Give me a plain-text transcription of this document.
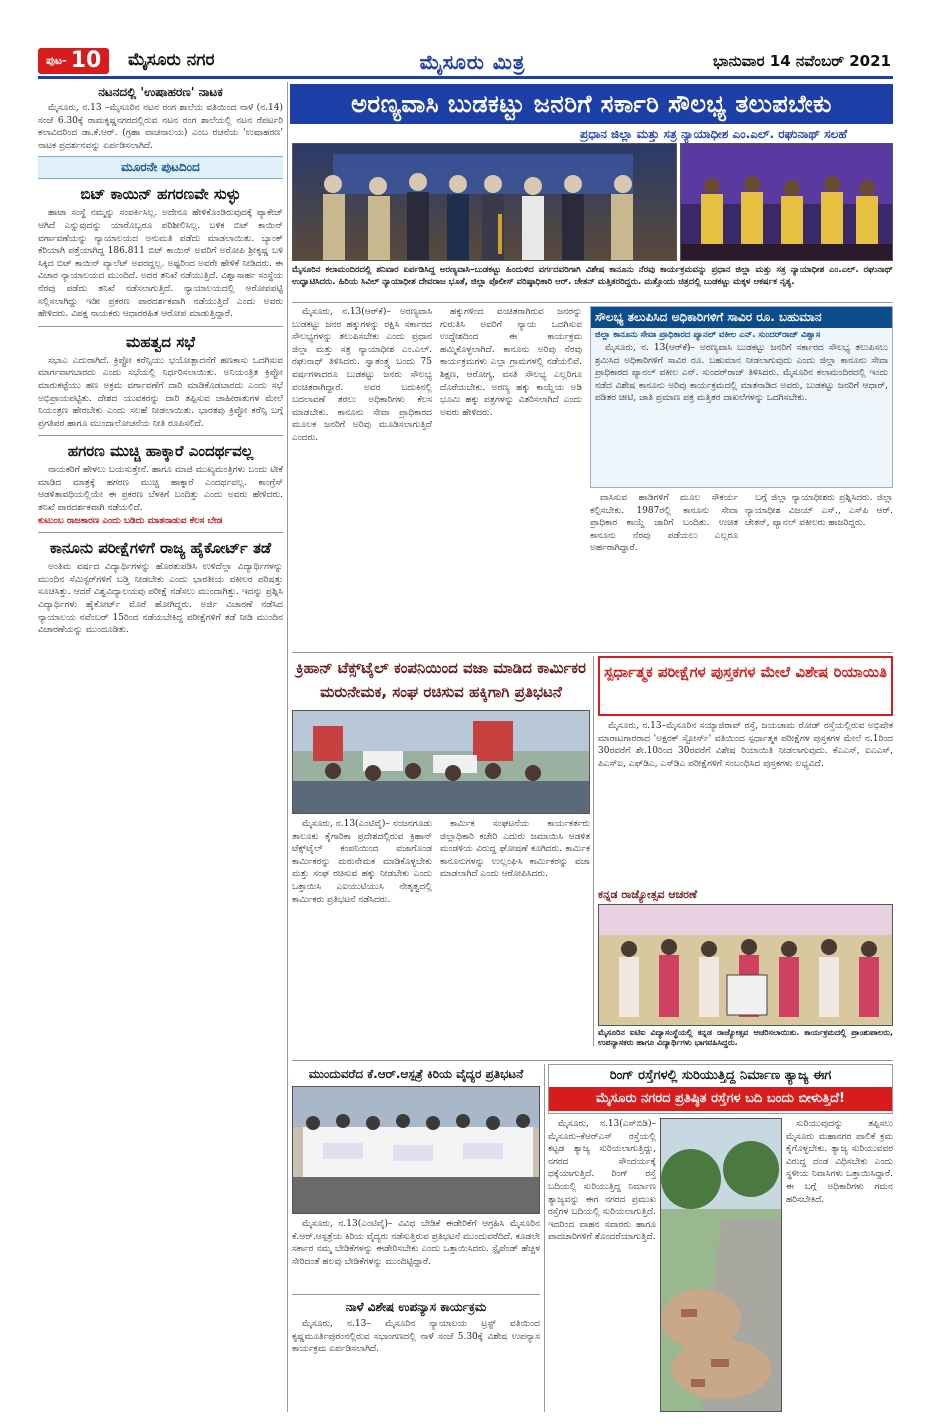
ಪುಟ- 10 ಮೈಸೂರು ನಗರ	ಮೈಸೂರು ಮಿತ್ರ	ಭಾನುವಾರ 14 ನವೆಂಬರ್ 2021
ನಟನದಲ್ಲಿ 'ಉಷಾಹರಣ' ನಾಟಕ

ಮೈಸೂರು, ನ.13 –ಮೈಸೂರಿನ ನಟನ ರಂಗ ಶಾಲೆಯ ವತಿಯಿಂದ ನಾಳೆ (ನ.14) ಸಂಜೆ 6.30ಕ್ಕೆ ರಾಮಕೃಷ್ಣನಗರದಲ್ಲಿರುವ ನಟನ ರಂಗ ಶಾಲೆಯಲ್ಲಿ ನಟನ ರೆಪರ್ಟರಿ ಕಲಾವಿದರಿಂದ ಡಾ.ಕೆ.ಆರ್. (ಗ್ರಹಾ ವಾಚನಾಲಯ) ಎಂಬ ರಚನೆಯ 'ಉಷಾಹರಣ' ನಾಟಕ ಪ್ರದರ್ಶನವನ್ನು ಏರ್ಪಡಿಸಲಾಗಿದೆ.

ಮೂರನೇ ಪುಟದಿಂದ
ಬಿಟ್ ಕಾಯಿನ್ ಹಗರಣವೇ ಸುಳ್ಳು

ಹಾಟಾ ಸಂಸ್ಥೆ ನಮ್ಮನ್ನು ಸಂಪರ್ಕಿಸಿಲ್ಲ. ಅದೇನೂ ಹೇಳಿಕೊಂಡಿರುವುದಕ್ಕೆ ಪ್ಯಾಕೇಜ್ ಆಗಿದೆ ಎನ್ನುವುದನ್ನು ಯಾರೊಬ್ಬರೂ ಪರಿಶೀಲಿಸಿಲ್ಲ. ಬಳಿಕ ಬಿಟ್ ಕಾಯಿನ್ ವರ್ಗಾವಣೆಯನ್ನು ನ್ಯಾಯಾಲಯದ ಅನುಮತಿ ಪಡೆದು ಮಾಡಲಾಯಿತು. ಬ್ಯಾಂಕ್ ಕೆರಿಯಾಗಿ ಪತ್ತೆಯಾಗಿದ್ದ 186.811 ಬಿಟ್ ಕಾಯಿನ್‌ ಅವರಿಗೆ ಅರೋಪಿ ಶ್ರೀಕೃಷ್ಣ ಬಳಿ ಸಿಕ್ಕಿದ ಬಿಟ್ ಕಾಯಿನ್ ವ್ಯಾಲೆಟ್ ಅವರದ್ದಲ್ಲ. ಅಷ್ಟರಿಂದ ಅವರೇ ಹೇಳಿಕೆ ನೀಡಿದರು. ಈ ವಿಚಾರ ನ್ಯಾಯಾಲಯದ ಮುಂದಿದೆ. ಅದರ ತನಿಖೆ ನಡೆಯುತ್ತಿದೆ. ವಿಶ್ವಾಸಾರ್ಹ ಸಂಸ್ಥೆಯ ನೆರವು ಪಡೆದು ತನಿಖೆ ನಡೆಸಲಾಗುತ್ತಿದೆ. ನ್ಯಾಯಾಲಯದಲ್ಲಿ ಆರೋಪಪಟ್ಟಿ ಸಲ್ಲಿಸಲಾಗಿದ್ದು ಇಡೀ ಪ್ರಕರಣ ಪಾರದರ್ಶಕವಾಗಿ ನಡೆಯುತ್ತಿದೆ ಎಂದು ಅವರು ಹೇಳಿದರು. ವಿಪಕ್ಷ ನಾಯಕರು ಆಧಾರರಹಿತ ಆರೋಪ ಮಾಡುತ್ತಿದ್ದಾರೆ.

ಮಹತ್ವದ ಸಭೆ

ಸಭಾಎ ಎದುರಾಗಿದೆ. ಕ್ರಿಪ್ಟೋ ಕರೆನ್ಸಿಯು ಭಯೋತ್ಪಾದನೆಗೆ ಹಣಕಾಸು ಒದಗಿಸುವ ಮಾರ್ಗವಾಗಬಾರದು ಎಂದು ಸಭೆಯಲ್ಲಿ ನಿರ್ಧರಿಸಲಾಯಿತು. ಅನಿಯಂತ್ರಿತ ಕ್ರಿಪ್ಟೋ ಮಾರುಕಟ್ಟೆಯು ಹಣ ಅಕ್ರಮ ವರ್ಗಾವಣೆಗೆ ದಾರಿ ಮಾಡಿಕೊಡಬಾರದು ಎಂದು ಸಭೆ ಅಭಿಪ್ರಾಯಪಟ್ಟಿತು. ದೇಶದ ಯುವಕರನ್ನು ದಾರಿ ತಪ್ಪಿಸುವ ಜಾಹೀರಾತುಗಳ ಮೇಲೆ ನಿಯಂತ್ರಣ ಹೇರಬೇಕು ಎಂದು ಸಲಹೆ ನೀಡಲಾಯಿತು. ಭಾರತವು ಕ್ರಿಪ್ಟೋ ಕರೆನ್ಸಿ ಬಗ್ಗೆ ಪ್ರಗತಿಪರ ಹಾಗೂ ಮುಂದಾಲೋಚನೆಯ ನೀತಿ ರೂಪಿಸಲಿದೆ.

ಹಗರಣ ಮುಚ್ಚಿ ಹಾಕ್ಕಾರೆ ಎಂದರ್ಥವಲ್ಲ

ನಾಯಕರಿಗೆ ಹೇಳಲು ಬಯಸುತ್ತೇನೆ. ಹಾಗೂ ಮಾಜಿ ಮುಖ್ಯಮಂತ್ರಿಗಳು ಬಂದು ಟೀಕೆ ಮಾಡಿದ ಮಾತ್ರಕ್ಕೆ ಹಗರಣ ಮುಚ್ಚಿ ಹಾಕ್ಕಾರೆ ಎಂದರ್ಥವಲ್ಲ. ಕಾಂಗ್ರೆಸ್ ಆಡಳಿತಾವಧಿಯಲ್ಲಿಯೇ ಈ ಪ್ರಕರಣ ಬೆಳಕಿಗೆ ಬಂದಿತ್ತು ಎಂದು ಅವರು ಹೇಳಿದರು. ತನಿಖೆ ಪಾರದರ್ಶಕವಾಗಿ ನಡೆಯಲಿದೆ.

ಕುಟುಂಬ ರಾಜಕಾರಣ ಎಂದು ಬಡಿದು ಮಾತನಾಡುವ ಕೆಲಸ ಬೇಡ
ಕಾನೂನು ಪರೀಕ್ಷೆಗಳಿಗೆ ರಾಜ್ಯ ಹೈಕೋರ್ಟ್ ತಡೆ

ಅಂತಿಮ ವರ್ಷದ ವಿದ್ಯಾರ್ಥಿಗಳನ್ನು ಹೊರತುಪಡಿಸಿ ಉಳಿದೆಲ್ಲಾ ವಿದ್ಯಾರ್ಥಿಗಳನ್ನು ಮುಂದಿನ ಸೆಮಿಸ್ಟರ್‌ಗಳಿಗೆ ಬಡ್ತಿ ನೀಡಬೇಕು ಎಂದು ಭಾರತೀಯ ವಕೀಲರ ಪರಿಷತ್ತು ಸೂಚಿಸಿತ್ತು. ಆದರೆ ವಿಶ್ವವಿದ್ಯಾಲಯವು ಪರೀಕ್ಷೆ ನಡೆಸಲು ಮುಂದಾಗಿತ್ತು. ಇದನ್ನು ಪ್ರಶ್ನಿಸಿ ವಿದ್ಯಾರ್ಥಿಗಳು ಹೈಕೋರ್ಟ್ ಮೊರೆ ಹೋಗಿದ್ದರು. ಅರ್ಜಿ ವಿಚಾರಣೆ ನಡೆಸಿದ ನ್ಯಾಯಾಲಯ ನವೆಂಬರ್ 15ರಿಂದ ನಡೆಯಬೇಕಿದ್ದ ಪರೀಕ್ಷೆಗಳಿಗೆ ತಡೆ ನೀಡಿ ಮುಂದಿನ ವಿಚಾರಣೆಯನ್ನು ಮುಂದೂಡಿತು.

ಅರಣ್ಯವಾಸಿ ಬುಡಕಟ್ಟು ಜನರಿಗೆ ಸರ್ಕಾರಿ ಸೌಲಭ್ಯ ತಲುಪಬೇಕು
ಪ್ರಧಾನ ಜಿಲ್ಲಾ ಮತ್ತು ಸತ್ರ ನ್ಯಾಯಾಧೀಶ ಎಂ.ಎಲ್. ರಘುನಾಥ್ ಸಲಹೆ
ಮೈಸೂರಿನ ಕಲಾಮಂದಿರದಲ್ಲಿ ಶನಿವಾರ ಏರ್ಪಡಿಸಿದ್ದ ಅರಣ್ಯವಾಸಿ–ಬುಡಕಟ್ಟು ಹಿಂದುಳಿದ ವರ್ಗದವರಿಗಾಗಿ ವಿಶೇಷ ಕಾನೂನು ನೆರವು ಕಾರ್ಯಕ್ರಮವನ್ನು ಪ್ರಧಾನ ಜಿಲ್ಲಾ ಮತ್ತು ಸತ್ರ ನ್ಯಾಯಾಧೀಶ ಎಂ.ಎಲ್. ರಘುನಾಥ್ ಉದ್ಘಾಟಿಸಿದರು. ಹಿರಿಯ ಸಿವಿಲ್ ನ್ಯಾಯಾಧೀಶ ದೇವರಾಜ ಭೂತೆ, ಜಿಲ್ಲಾ ಪೊಲೀಸ್ ವರಿಷ್ಠಾಧಿಕಾರಿ ಆರ್. ಚೇತನ್ ಮತ್ತಿತರರಿದ್ದರು. ಮತ್ತೊಂದು ಚಿತ್ರದಲ್ಲಿ ಬುಡಕಟ್ಟು ಮಕ್ಕಳ ಆಕರ್ಷಕ ನೃತ್ಯ.

ಮೈಸೂರು, ನ.13(ಆರ್‌ಕೆ)– ಅರಣ್ಯವಾಸಿ ಬುಡಕಟ್ಟು ಜನರ ಹಕ್ಕುಗಳನ್ನು ರಕ್ಷಿಸಿ ಸರ್ಕಾರದ ಸೌಲಭ್ಯಗಳನ್ನು ತಲುಪಿಸಬೇಕು ಎಂದು ಪ್ರಧಾನ ಜಿಲ್ಲಾ ಮತ್ತು ಸತ್ರ ನ್ಯಾಯಾಧೀಶ ಎಂ.ಎಲ್. ರಘುನಾಥ್ ತಿಳಿಸಿದರು. ಸ್ವಾತಂತ್ರ್ಯ ಬಂದು 75 ವರ್ಷಗಳಾದರೂ ಬುಡಕಟ್ಟು ಜನರು ಸೌಲಭ್ಯ ವಂಚಿತರಾಗಿದ್ದಾರೆ. ಅವರ ಬದುಕಿನಲ್ಲಿ ಬದಲಾವಣೆ ತರಲು ಅಧಿಕಾರಿಗಳು ಕೆಲಸ ಮಾಡಬೇಕು. ಕಾನೂನು ಸೇವಾ ಪ್ರಾಧಿಕಾರದ ಮೂಲಕ ಜನರಿಗೆ ಅರಿವು ಮೂಡಿಸಲಾಗುತ್ತಿದೆ ಎಂದರು.

ಹಕ್ಕುಗಳಿಂದ ವಂಚಿತರಾಗಿರುವ ಜನರನ್ನು ಗುರುತಿಸಿ ಅವರಿಗೆ ನ್ಯಾಯ ಒದಗಿಸುವ ಉದ್ದೇಶದಿಂದ ಈ ಕಾರ್ಯಕ್ರಮ ಹಮ್ಮಿಕೊಳ್ಳಲಾಗಿದೆ. ಕಾನೂನು ಅರಿವು ನೆರವು ಕಾರ್ಯಕ್ರಮಗಳು ಎಲ್ಲಾ ಗ್ರಾಮಗಳಲ್ಲಿ ನಡೆಯಲಿವೆ. ಶಿಕ್ಷಣ, ಆರೋಗ್ಯ, ವಸತಿ ಸೌಲಭ್ಯ ಎಲ್ಲರಿಗೂ ದೊರೆಯಬೇಕು. ಅರಣ್ಯ ಹಕ್ಕು ಕಾಯ್ದೆಯ ಅಡಿ ಭೂಮಿ ಹಕ್ಕು ಪತ್ರಗಳನ್ನು ವಿತರಿಸಲಾಗಿದೆ ಎಂದು ಅವರು ಹೇಳಿದರು.

ಸೌಲಭ್ಯ ತಲುಪಿಸಿದ ಅಧಿಕಾರಿಗಳಿಗೆ ಸಾವಿರ ರೂ. ಬಹುಮಾನ
ಜಿಲ್ಲಾ ಕಾನೂನು ಸೇವಾ ಪ್ರಾಧಿಕಾರದ ಪ್ಯಾನಲ್ ವಕೀಲ ಎನ್. ಸುಂದರ್‌ರಾಜ್ ವಿಶ್ವಾಸ

ಮೈಸೂರು, ನ. 13(ಆರ್‌ಕೆ)– ಅರಣ್ಯವಾಸಿ ಬುಡಕಟ್ಟು ಜನರಿಗೆ ಸರ್ಕಾರದ ಸೌಲಭ್ಯ ತಲುಪಿಸಲು ಶ್ರಮಿಸಿದ ಅಧಿಕಾರಿಗಳಿಗೆ ಸಾವಿರ ರೂ. ಬಹುಮಾನ ನೀಡಲಾಗುವುದು ಎಂದು ಜಿಲ್ಲಾ ಕಾನೂನು ಸೇವಾ ಪ್ರಾಧಿಕಾರದ ಪ್ಯಾನಲ್ ವಕೀಲ ಎನ್. ಸುಂದರ್‌ರಾಜ್ ತಿಳಿಸಿದರು. ಮೈಸೂರಿನ ಕಲಾಮಂದಿರದಲ್ಲಿ ಇಂದು ನಡೆದ ವಿಶೇಷ ಕಾನೂನು ಅರಿವು ಕಾರ್ಯಕ್ರಮದಲ್ಲಿ ಮಾತನಾಡಿದ ಅವರು, ಬುಡಕಟ್ಟು ಜನರಿಗೆ ಆಧಾರ್, ಪಡಿತರ ಚೀಟಿ, ಜಾತಿ ಪ್ರಮಾಣ ಪತ್ರ ಮತ್ತಿತರ ದಾಖಲೆಗಳನ್ನು ಒದಗಿಸಬೇಕು.

ವಾಸಿಸುವ ಹಾಡಿಗಳಿಗೆ ಮೂಲ ಸೌಕರ್ಯ ಕಲ್ಪಿಸಬೇಕು. 1987ರಲ್ಲಿ ಕಾನೂನು ಸೇವಾ ಪ್ರಾಧಿಕಾರ ಕಾಯ್ದೆ ಜಾರಿಗೆ ಬಂದಿತು. ಉಚಿತ ಕಾನೂನು ನೆರವು ಪಡೆಯಲು ಎಲ್ಲರೂ ಅರ್ಹರಾಗಿದ್ದಾರೆ.

ಬಗ್ಗೆ ಜಿಲ್ಲಾ ನ್ಯಾಯಾಧೀಶರು ಪ್ರಶ್ನಿಸಿದರು. ಜಿಲ್ಲಾ ನ್ಯಾಯಾಧೀಶ ವಿಜಯ್ ಎಸ್., ಎಸ್‌ಪಿ ಆರ್. ಚೇತನ್, ಪ್ಯಾನಲ್ ವಕೀಲರು ಹಾಜರಿದ್ದರು.

ಕ್ರಿಹಾನ್ ಟೆಕ್ಸ್‌ಟೈಲ್ ಕಂಪನಿಯಿಂದ ವಜಾ ಮಾಡಿದ ಕಾರ್ಮಿಕರ ಮರುನೇಮಕ, ಸಂಘ ರಚಿಸುವ ಹಕ್ಕಿಗಾಗಿ ಪ್ರತಿಭಟನೆ

ಮೈಸೂರು, ನ.13(ಎಂಟಿವೈ)– ನಂಜನಗೂಡು ತಾಲೂಕು ಕೈಗಾರಿಕಾ ಪ್ರದೇಶದಲ್ಲಿರುವ ಕ್ರಿಹಾನ್ ಟೆಕ್ಸ್‌ಟೈಲ್ ಕಂಪನಿಯಿಂದ ವಜಾಗೊಂಡ ಕಾರ್ಮಿಕರನ್ನು ಮರುನೇಮಕ ಮಾಡಿಕೊಳ್ಳಬೇಕು ಮತ್ತು ಸಂಘ ರಚಿಸುವ ಹಕ್ಕು ನೀಡಬೇಕು ಎಂದು ಒತ್ತಾಯಿಸಿ ಎಐಯುಟಿಯುಸಿ ನೇತೃತ್ವದಲ್ಲಿ ಕಾರ್ಮಿಕರು ಪ್ರತಿಭಟನೆ ನಡೆಸಿದರು.

ಕಾರ್ಮಿಕ ಸಂಘಟನೆಯ ಕಾರ್ಯಕರ್ತರು ಜಿಲ್ಲಾಧಿಕಾರಿ ಕಚೇರಿ ಎದುರು ಜಮಾಯಿಸಿ ಆಡಳಿತ ಮಂಡಳಿಯ ವಿರುದ್ಧ ಘೋಷಣೆ ಕೂಗಿದರು. ಕಾರ್ಮಿಕ ಕಾನೂನುಗಳನ್ನು ಉಲ್ಲಂಘಿಸಿ ಕಾರ್ಮಿಕರನ್ನು ವಜಾ ಮಾಡಲಾಗಿದೆ ಎಂದು ಆರೋಪಿಸಿದರು.

ಸ್ಪರ್ಧಾತ್ಮಕ ಪರೀಕ್ಷೆಗಳ ಪುಸ್ತಕಗಳ ಮೇಲೆ ವಿಶೇಷ ರಿಯಾಯಿತಿ

ಮೈಸೂರು, ನ.13–ಮೈಸೂರಿನ ಸಯ್ಯಾಜಿರಾವ್ ರಸ್ತೆ, ಜಯಚಾಮ ರೋಡ್ ರಸ್ತೆಯಲ್ಲಿರುವ ಅಭಿಷೇಕ ಮಾರಾಟಗಾರರಾದ 'ಅಕ್ಷರಕ್ ಸ್ಟೋರ್ಸ್' ವತಿಯಿಂದ ಸ್ಪರ್ಧಾತ್ಮಕ ಪರೀಕ್ಷೆಗಳ ಪುಸ್ತಕಗಳ ಮೇಲೆ ನ.1ರಿಂದ 30ರವರೆಗೆ ಶೇ.10ರಿಂದ 30ರವರೆಗೆ ವಿಶೇಷ ರಿಯಾಯಿತಿ ನೀಡಲಾಗುವುದು. ಕೆಎಎಸ್, ಐಎಎಸ್, ಪಿಎಸ್‌ಐ, ಎಫ್‌ಡಿಎ, ಎಸ್‌ಡಿಎ ಪರೀಕ್ಷೆಗಳಿಗೆ ಸಂಬಂಧಿಸಿದ ಪುಸ್ತಕಗಳು ಲಭ್ಯವಿದೆ.

ಕನ್ನಡ ರಾಜ್ಯೋತ್ಸವ ಆಚರಣೆ
ಮೈಸೂರಿನ ಐಟಿಐ ವಿದ್ಯಾಸಂಸ್ಥೆಯಲ್ಲಿ ಕನ್ನಡ ರಾಜ್ಯೋತ್ಸವ ಆಚರಿಸಲಾಯಿತು. ಕಾರ್ಯಕ್ರಮದಲ್ಲಿ ಪ್ರಾಂಶುಪಾಲರು, ಉಪನ್ಯಾಸಕರು ಹಾಗೂ ವಿದ್ಯಾರ್ಥಿಗಳು ಭಾಗವಹಿಸಿದ್ದರು.
ಮುಂದುವರೆದ ಕೆ.ಆರ್.ಆಸ್ಪತ್ರೆ ಕಿರಿಯ ವೈದ್ಯರ ಪ್ರತಿಭಟನೆ

ಮೈಸೂರು, ನ.13(ಎಂಟಿವೈ)– ವಿವಿಧ ಬೇಡಿಕೆ ಈಡೇರಿಕೆಗೆ ಆಗ್ರಹಿಸಿ ಮೈಸೂರಿನ ಕೆ.ಆರ್.ಆಸ್ಪತ್ರೆಯ ಕಿರಿಯ ವೈದ್ಯರು ನಡೆಸುತ್ತಿರುವ ಪ್ರತಿಭಟನೆ ಮುಂದುವರೆದಿದೆ. ಕೂಡಲೇ ಸರ್ಕಾರ ನಮ್ಮ ಬೇಡಿಕೆಗಳನ್ನು ಈಡೇರಿಸಬೇಕು ಎಂದು ಒತ್ತಾಯಿಸಿದರು. ಸ್ಟೈಪೆಂಡ್ ಹೆಚ್ಚಳ ಸೇರಿದಂತೆ ಹಲವು ಬೇಡಿಕೆಗಳನ್ನು ಮುಂದಿಟ್ಟಿದ್ದಾರೆ.

ನಾಳೆ ವಿಶೇಷ ಉಪನ್ಯಾಸ ಕಾರ್ಯಕ್ರಮ

ಮೈಸೂರು, ನ.13– ಮೈಸೂರಿನ ನ್ಯಾಯಾಲಯ ಟ್ರಸ್ಟ್ ವತಿಯಿಂದ ಕೃಷ್ಣಮೂರ್ತಿಪುರಂನಲ್ಲಿರುವ ಸಭಾಂಗಣದಲ್ಲಿ ನಾಳೆ ಸಂಜೆ 5.30ಕ್ಕೆ ವಿಶೇಷ ಉಪನ್ಯಾಸ ಕಾರ್ಯಕ್ರಮ ಏರ್ಪಡಿಸಲಾಗಿದೆ.

ರಿಂಗ್ ರಸ್ತೆಗಳಲ್ಲಿ ಸುರಿಯುತ್ತಿದ್ದ ನಿರ್ಮಾಣ ತ್ಯಾಜ್ಯ ಈಗ
ಮೈಸೂರು ನಗರದ ಪ್ರತಿಷ್ಠಿತ ರಸ್ತೆಗಳ ಬದಿ ಬಂದು ಬೀಳುತ್ತಿದೆ!

ಮೈಸೂರು, ನ.13(ಎಸ್‌ಬಿಡಿ)– ಮೈಸೂರು–ಕೆಆರ್‌ಎಸ್ ರಸ್ತೆಯಲ್ಲಿ ಕಟ್ಟಡ ತ್ಯಾಜ್ಯ ಸುರಿಯಲಾಗುತ್ತಿದ್ದು, ನಗರದ ಸೌಂದರ್ಯಕ್ಕೆ ಧಕ್ಕೆಯಾಗುತ್ತಿದೆ. ರಿಂಗ್ ರಸ್ತೆ ಬದಿಯಲ್ಲಿ ಸುರಿಯುತ್ತಿದ್ದ ನಿರ್ಮಾಣ ತ್ಯಾಜ್ಯವನ್ನು ಈಗ ನಗರದ ಪ್ರಮುಖ ರಸ್ತೆಗಳ ಬದಿಯಲ್ಲಿ ಸುರಿಯಲಾಗುತ್ತಿದೆ. ಇದರಿಂದ ವಾಹನ ಸವಾರರು ಹಾಗೂ ಪಾದಚಾರಿಗಳಿಗೆ ತೊಂದರೆಯಾಗುತ್ತಿದೆ.

ಸುರಿಯುವುದನ್ನು ತಪ್ಪಿಸಲು ಮೈಸೂರು ಮಹಾನಗರ ಪಾಲಿಕೆ ಕ್ರಮ ಕೈಗೊಳ್ಳಬೇಕು. ತ್ಯಾಜ್ಯ ಸುರಿಯುವವರ ವಿರುದ್ಧ ದಂಡ ವಿಧಿಸಬೇಕು ಎಂದು ಸ್ಥಳೀಯ ನಿವಾಸಿಗಳು ಒತ್ತಾಯಿಸಿದ್ದಾರೆ. ಈ ಬಗ್ಗೆ ಅಧಿಕಾರಿಗಳು ಗಮನ ಹರಿಸಬೇಕಿದೆ.
